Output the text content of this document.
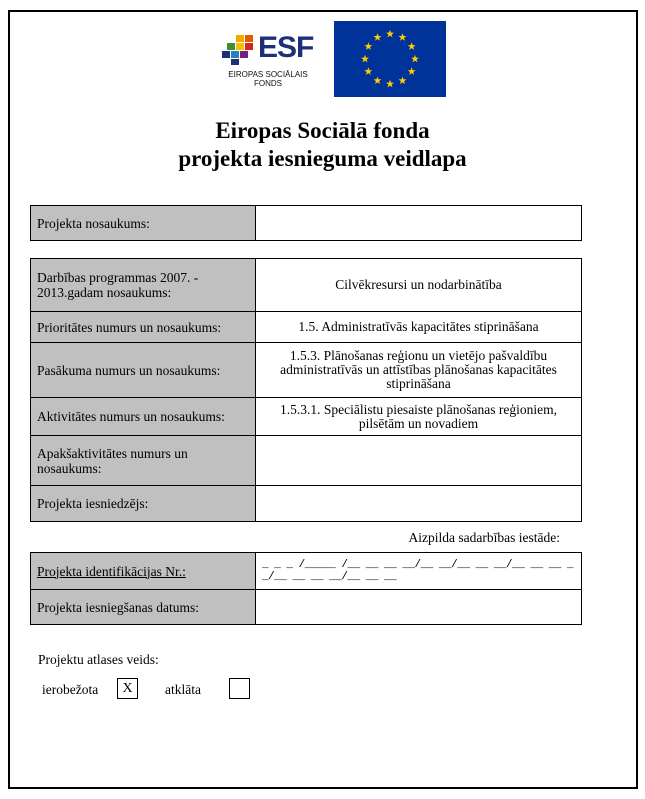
ESF
EIROPAS SOCIĀLAIS
FONDS
Eiropas Sociālā fonda
projekta iesnieguma veidlapa
Projekta nosaukums:
Darbības programmas 2007. - 2013.gadam nosaukums:
Cilvēkresursi un nodarbinātība
Prioritātes numurs un nosaukums:	1.5. Administratīvās kapacitātes stiprināšana
Pasākuma numurs un nosaukums:
1.5.3. Plānošanas reģionu un vietējo pašvaldību administratīvās un attīstības plānošanas kapacitātes stiprināšana
Aktivitātes numurs un nosaukums:	1.5.3.1. Speciālistu piesaiste plānošanas reģioniem, pilsētām un novadiem
Apakšaktivitātes numurs un nosaukums:
Projekta iesniedzējs:
Aizpilda sadarbības iestāde:
Projekta identifikācijas Nr.:	_ _ _ /_____ /__ __ __ __/__ __/__ __ __/__ __ __ __/__ __ __ __/__ __ __
Projekta iesniegšanas datums:
Projektu atlases veids:
ierobežota	X	atklāta
